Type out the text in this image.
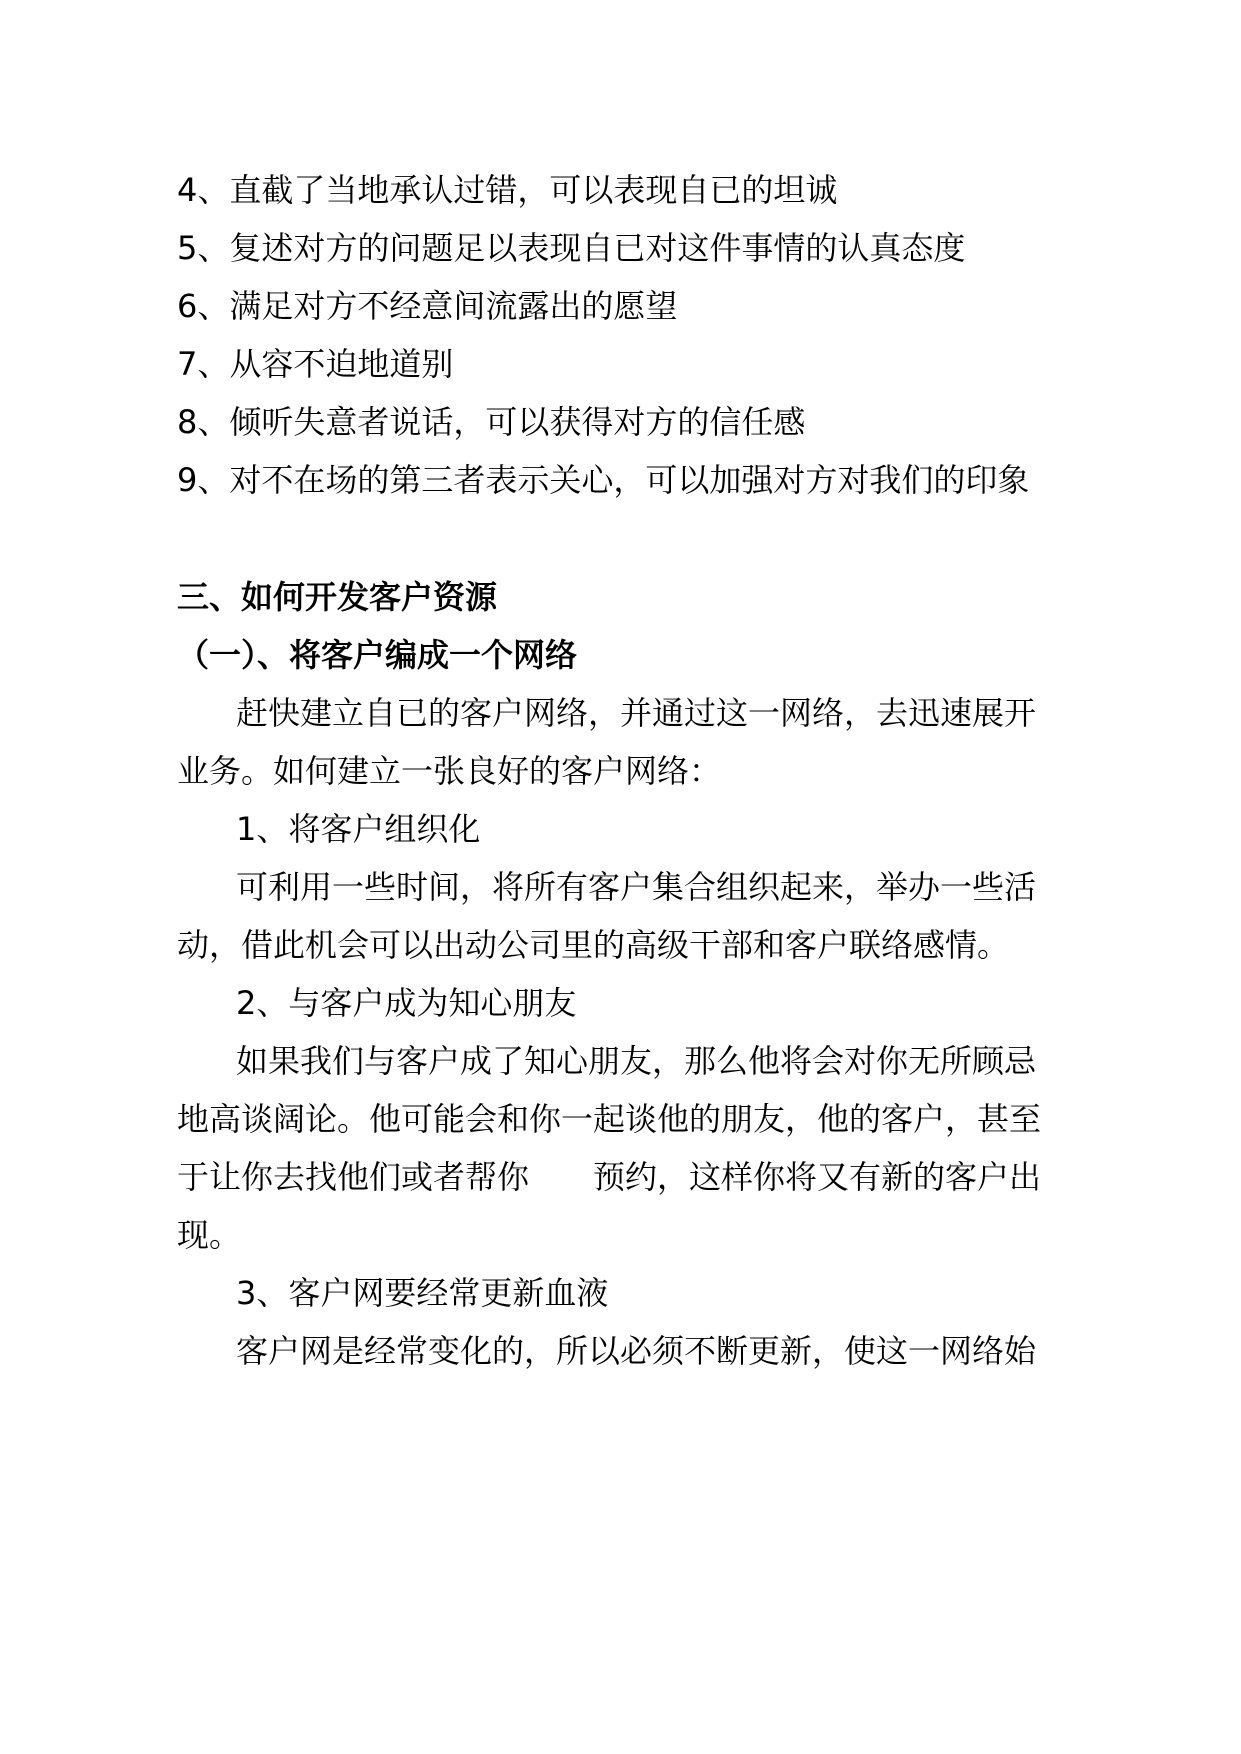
4、直截了当地承认过错，可以表现自已的坦诚
5、复述对方的问题足以表现自已对这件事情的认真态度
6、满足对方不经意间流露出的愿望
7、从容不迫地道别
8、倾听失意者说话，可以获得对方的信任感
9、对不在场的第三者表示关心，可以加强对方对我们的印象
三、如何开发客户资源
（一）、将客户编成一个网络
赶快建立自已的客户网络，并通过这一网络，去迅速展开
业务。如何建立一张良好的客户网络：
1、将客户组织化
可利用一些时间，将所有客户集合组织起来，举办一些活
动，借此机会可以出动公司里的高级干部和客户联络感情。
2、与客户成为知心朋友
如果我们与客户成了知心朋友，那么他将会对你无所顾忌
地高谈阔论。他可能会和你一起谈他的朋友，他的客户，甚至
于让你去找他们或者帮你　　预约，这样你将又有新的客户出
现。
3、客户网要经常更新血液
客户网是经常变化的，所以必须不断更新，使这一网络始
